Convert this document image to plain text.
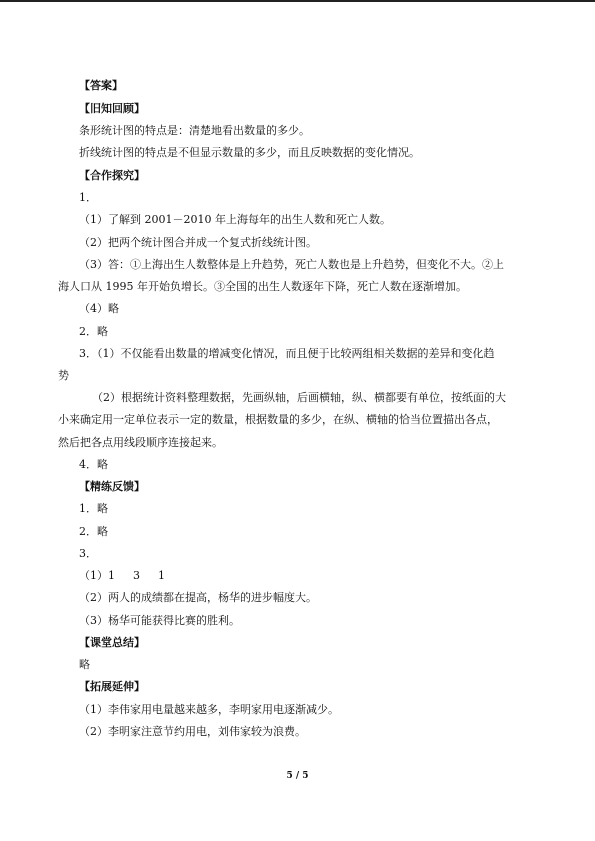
【答案】
【旧知回顾】
条形统计图的特点是：清楚地看出数量的多少。
折线统计图的特点是不但显示数量的多少，而且反映数据的变化情况。
【合作探究】
1．
（1）了解到 2001－2010 年上海每年的出生人数和死亡人数。
（2）把两个统计图合并成一个复式折线统计图。
（3）答：①上海出生人数整体是上升趋势，死亡人数也是上升趋势，但变化不大。②上
海人口从 1995 年开始负增长。③全国的出生人数逐年下降，死亡人数在逐渐增加。
（4）略
2．略
3．（1）不仅能看出数量的增减变化情况，而且便于比较两组相关数据的差异和变化趋
势
（2）根据统计资料整理数据，先画纵轴，后画横轴，纵、横都要有单位，按纸面的大
小来确定用一定单位表示一定的数量，根据数量的多少，在纵、横轴的恰当位置描出各点，
然后把各点用线段顺序连接起来。
4．略
【精练反馈】
1．略
2．略
3．
（1）1 3 1
（2）两人的成绩都在提高，杨华的进步幅度大。
（3）杨华可能获得比赛的胜利。
【课堂总结】
略
【拓展延伸】
（1）李伟家用电量越来越多，李明家用电逐渐减少。
（2）李明家注意节约用电，刘伟家较为浪费。
5 / 5
